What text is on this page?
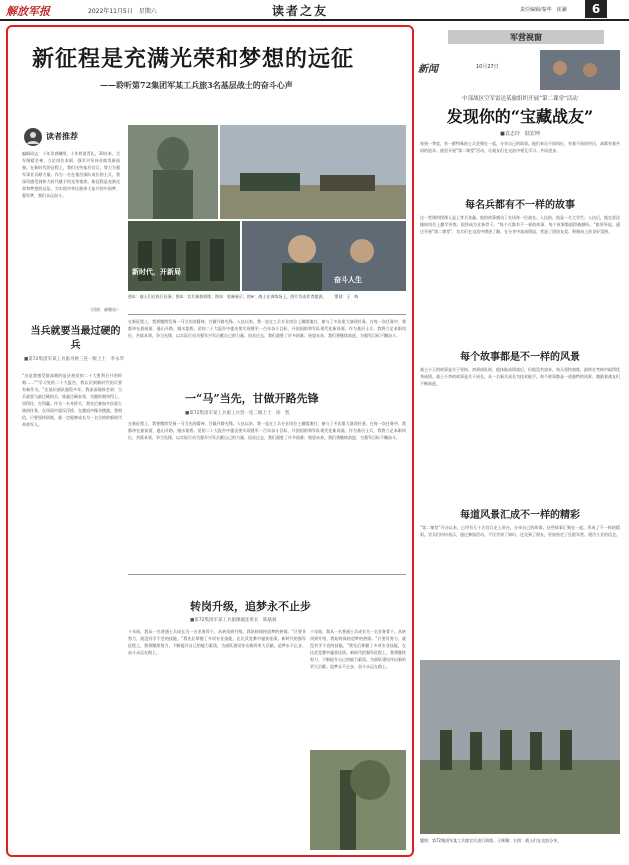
解放军报	2022年11月5日　星期六	读者之友	责任编辑/秦华　崔澜	6
新征程是充满光荣和梦想的远征
——聆听第72集团军某工兵旅3名基层战士的奋斗心声
读者推荐
编辑同志：十年青春嘱咐，十年铁道青礼。10年来，全军聚精会神，立足岗位本职，强军兴军伟业焕发新面貌。在新时代的征程上，我们这些基层官兵，努力为强军事业贡献力量。作为一名在基层部队成长的士兵，我深切感受到伟大时代赋予的光荣使命。新征程是充满光荣和梦想的远征，为实现中华民族伟大复兴的中国梦、强军梦，我们永远奋斗。
（河南　郝晓东）
当兵就要当最过硬的兵
■第72集团军某工兵旅舟桥三连一级上士　李永华
“这是我感受最深刻的是庆祝党的二十大胜利召开的时刻……”“学习党的二十大报告，我认识到新时代的兵要有新作为。”在基层部队服役多年，我深深地体会到：当兵就要当最过硬的兵，练就过硬本领，关键时刻冲得上、顶得住、打得赢。作为一名舟桥兵，我先后参加多次重大演训任务，在风雨中架设浮桥，在激流中操舟摆渡。我相信，只要坚持训练，就一定能够成长为一名合格的新时代革命军人。
新时代，开新局
奋斗人生
图①：战士们在执行任务；图②：官兵参加训练；图③：装备展示；图④：战士在训练场上。图片均由作者提供。　　策划：王　辉
一“马”当先，甘做开路先锋
■第72集团军某工兵旅工兵营一连二级上士　徐　凯
在新征程上，我要继续发扬一马当先的精神，甘做开路先锋。入伍以来，我一直在工兵专业岗位上摸爬滚打，参与了多次重大演训任务。在每一次任务中，我都冲在最前面，逢山开路、遇水架桥。党的二十大报告中提出要实现建军一百年奋斗目标，开创国防和军队现代化新局面。作为基层士兵，我将立足本职岗位，苦练本领，争当先锋，以实际行动为强军兴军贡献自己的力量。回首过去，我们战胜了许多困难；展望未来，我们将继续前进，为强军目标不懈奋斗。
在新征程上，我要继续发扬一马当先的精神，甘做开路先锋。入伍以来，我一直在工兵专业岗位上摸爬滚打，参与了多次重大演训任务。在每一次任务中，我都冲在最前面，逢山开路、遇水架桥。党的二十大报告中提出要实现建军一百年奋斗目标，开创国防和军队现代化新局面。作为基层士兵，我将立足本职岗位，苦练本领，争当先锋，以实际行动为强军兴军贡献自己的力量。回首过去，我们战胜了许多困难；展望未来，我们将继续前进，为强军目标不懈奋斗。
转岗升级，追梦永不止步
■第72集团军某工兵旅爆破连班长　陈斌斌
十年间，我从一名普通士兵成长为一名业务骨干。从转岗到升级，我始终保持追梦的热情。“只要肯努力，就没有学不会的技能。”我先后掌握了多项专业技能，在比武竞赛中屡获佳绩。新时代的强军征程上，我将继续努力，不断提升自己的能力素质，为部队建设作出新的更大贡献。追梦永不止步，奋斗永远在路上。
十年间，我从一名普通士兵成长为一名业务骨干。从转岗到升级，我始终保持追梦的热情。“只要肯努力，就没有学不会的技能。”我先后掌握了多项专业技能，在比武竞赛中屡获佳绩。新时代的强军征程上，我将继续努力，不断提升自己的能力素质，为部队建设作出新的更大贡献。追梦永不止步，奋斗永远在路上。
军营视窗
新闻	10月27日
中部战区空军雷达某旅组织开展“第二课堂”活动
发现你的“宝藏战友”
■袁志玲　陆宏坤
每到一季度，有一群特殊的士兵会聚在一起，分享自己的故事。他们来自不同岗位，有着不同的经历，却都有着共同的追求。旅里开展“第二课堂”活动，让战友们在交流中相互学习、共同进步。
每名兵都有不一样的故事
这一堂课的授课人是上等兵张鑫。他的故事感动了在场每一位战友。入伍前，他是一名大学生；入伍后，他在雷达操纵岗位上勤学苦练，很快成为业务骨干。“每个兵都有不一样的故事，每个故事都值得被倾听。”旅领导说。通过开展“第二课堂”，官兵们在交流中增进了解，在分享中加深情谊，营造了团结友爱、积极向上的良好氛围。
每个故事都是不一样的风景
战士小王的故事是关于坚持。初到部队时，他体能成绩落后，但他没有放弃，每天坚持加练，最终在考核中取得优秀成绩。战士小李的故事是关于成长，从一名新兵成长为技术能手。每个故事都是一道独特的风景，激励着战友们不断前进。
每道风景汇成不一样的精彩
“第二课堂”开办以来，已经有几十名官兵走上讲台，分享自己的故事。这些故事汇聚在一起，形成了不一样的精彩。官兵们纷纷表示，通过参加活动，不仅学到了知识，还交到了朋友，更加坚定了扎根军营、建功立业的信念。
题图：第72集团军某工兵旅官兵进行训练。王辉摄；右图：战士们在交流分享。
